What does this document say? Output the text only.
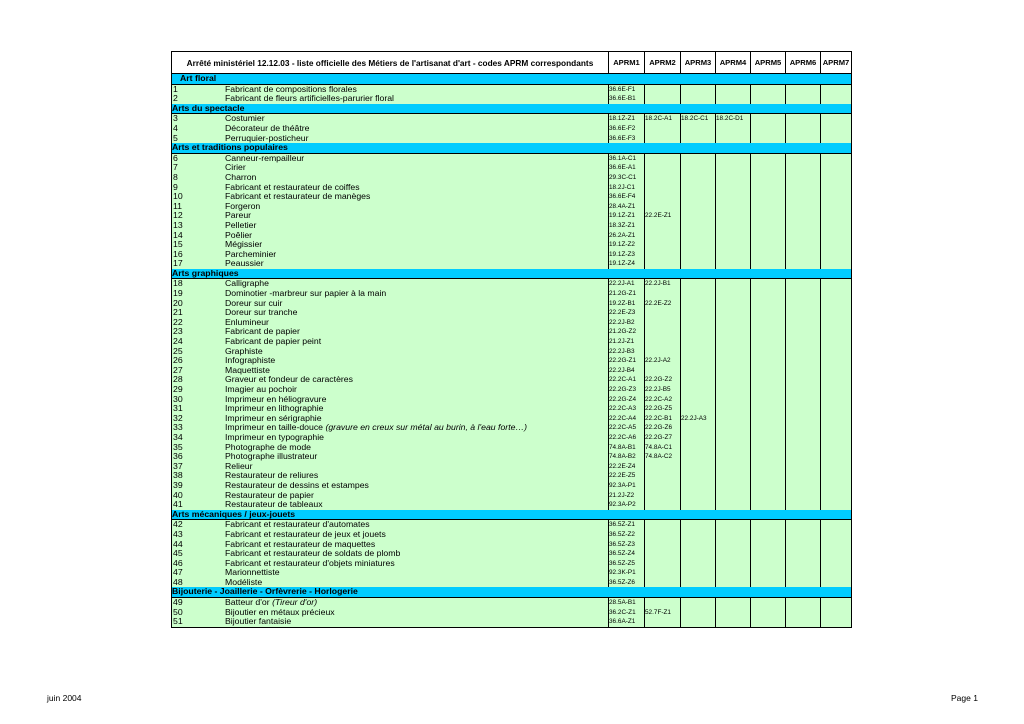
Arrêté ministériel 12.12.03 - liste officielle des Métiers de l'artisanat d'art - codes APRM correspondants	APRM1	APRM2	APRM3	APRM4	APRM5	APRM6	APRM7
Art floral							
1 Fabricant de compositions florales	36.6E-F1						
2 Fabricant de fleurs artificielles-parurier floral	36.6E-B1						
Arts du spectacle							
3 Costumier	18.1Z-Z1	18.2C-A1	18.2C-C1	18.2C-D1			
4 Décorateur de théâtre	36.6E-F2						
5 Perruquier-posticheur	36.6E-F3						
Arts et traditions populaires							
6 Canneur-rempailleur	36.1A-C1						
7 Cirier	36.6E-A1						
8 Charron	29.3C-C1						
9 Fabricant et restaurateur de coiffes	18.2J-C1						
10 Fabricant et restaurateur de manèges	36.6E-F4						
11 Forgeron	28.4A-Z1						
12 Pareur	19.1Z-Z1	22.2E-Z1					
13 Pelletier	18.3Z-Z1						
14 Poêlier	26.2A-Z1						
15 Mégissier	19.1Z-Z2						
16 Parcheminier	19.1Z-Z3						
17 Peaussier	19.1Z-Z4						
Arts graphiques							
18 Calligraphe	22.2J-A1	22.2J-B1					
19 Dominotier -marbreur sur papier à la main	21.2G-Z1						
20 Doreur sur cuir	19.2Z-B1	22.2E-Z2					
21 Doreur sur tranche	22.2E-Z3						
22 Enlumineur	22.2J-B2						
23 Fabricant de papier	21.2G-Z2						
24 Fabricant de papier peint	21.2J-Z1						
25 Graphiste	22.2J-B3						
26 Infographiste	22.2G-Z1	22.2J-A2					
27 Maquettiste	22.2J-B4						
28 Graveur et fondeur de caractères	22.2C-A1	22.2G-Z2					
29 Imagier au pochoir	22.2G-Z3	22.2J-B5					
30 Imprimeur en héliogravure	22.2G-Z4	22.2C-A2					
31 Imprimeur en lithographie	22.2C-A3	22.2G-Z5					
32 Imprimeur en sérigraphie	22.2C-A4	22.2C-B1	22.2J-A3				
33 Imprimeur en taille-douce (gravure en creux sur métal au burin, à l'eau forte…)	22.2C-A5	22.2G-Z6					
34 Imprimeur en typographie	22.2C-A6	22.2G-Z7					
35 Photographe de mode	74.8A-B1	74.8A-C1					
36 Photographe illustrateur	74.8A-B2	74.8A-C2					
37 Relieur	22.2E-Z4						
38 Restaurateur de reliures	22.2E-Z5						
39 Restaurateur de dessins et estampes	92.3A-P1						
40 Restaurateur de papier	21.2J-Z2						
41 Restaurateur de tableaux	92.3A-P2						
Arts mécaniques / jeux-jouets							
42 Fabricant et restaurateur d'automates	36.5Z-Z1						
43 Fabricant et restaurateur de jeux et jouets	36.5Z-Z2						
44 Fabricant et restaurateur de maquettes	36.5Z-Z3						
45 Fabricant et restaurateur de soldats de plomb	36.5Z-Z4						
46 Fabricant et restaurateur d'objets miniatures	36.5Z-Z5						
47 Marionnettiste	92.3K-P1						
48 Modéliste	36.5Z-Z6						
Bijouterie - Joaillerie - Orfèvrerie - Horlogerie							
49 Batteur d'or (Tireur d'or)	28.5A-B1						
50 Bijoutier en métaux précieux	36.2C-Z1	52.7F-Z1					
51 Bijoutier fantaisie	36.6A-Z1						
juin 2004	Page 1
